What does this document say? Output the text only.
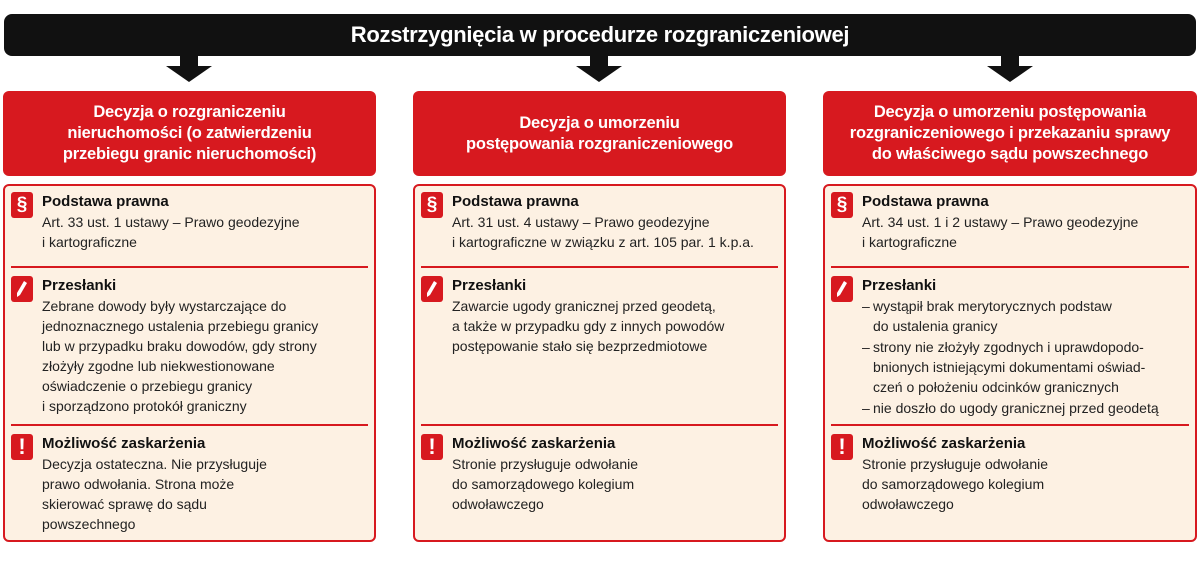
Rozstrzygnięcia w procedurze rozgraniczeniowej
Decyzja o rozgraniczeniu
nieruchomości (o zatwierdzeniu
przebiegu granic nieruchomości)
§ Podstawa prawna
Art. 33 ust. 1 ustawy – Prawo geodezyjne
i kartograficzne
Przesłanki
Zebrane dowody były wystarczające do
jednoznacznego ustalenia przebiegu granicy
lub w przypadku braku dowodów, gdy strony
złożyły zgodne lub niekwestionowane
oświadczenie o przebiegu granicy
i sporządzono protokół graniczny
! Możliwość zaskarżenia
Decyzja ostateczna. Nie przysługuje
prawo odwołania. Strona może
skierować sprawę do sądu
powszechnego
Decyzja o umorzeniu
postępowania rozgraniczeniowego
§ Podstawa prawna
Art. 31 ust. 4 ustawy – Prawo geodezyjne
i kartograficzne w związku z art. 105 par. 1 k.p.a.
Przesłanki
Zawarcie ugody granicznej przed geodetą,
a także w przypadku gdy z innych powodów
postępowanie stało się bezprzedmiotowe
! Możliwość zaskarżenia
Stronie przysługuje odwołanie
do samorządowego kolegium
odwoławczego
Decyzja o umorzeniu postępowania
rozgraniczeniowego i przekazaniu sprawy
do właściwego sądu powszechnego
§ Podstawa prawna
Art. 34 ust. 1 i 2 ustawy – Prawo geodezyjne
i kartograficzne
Przesłanki
– wystąpił brak merytorycznych podstaw
do ustalenia granicy
– strony nie złożyły zgodnych i uprawdopodo-
bnionych istniejącymi dokumentami oświad-
czeń o położeniu odcinków granicznych
– nie doszło do ugody granicznej przed geodetą
! Możliwość zaskarżenia
Stronie przysługuje odwołanie
do samorządowego kolegium
odwoławczego
